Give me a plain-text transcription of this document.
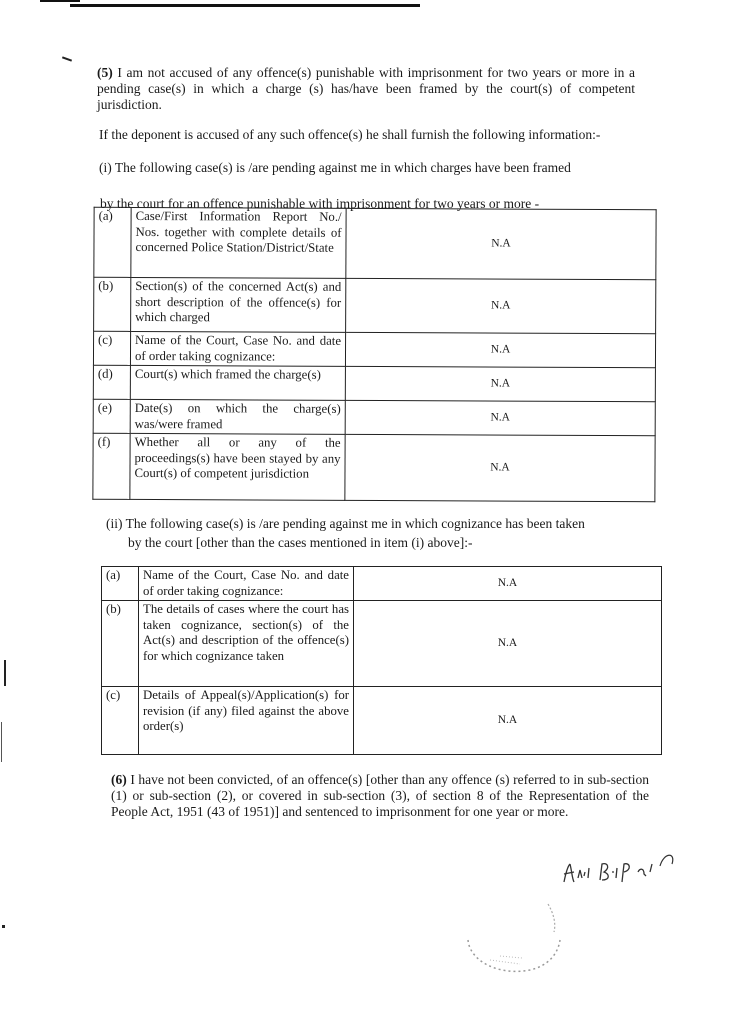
(5) I am not accused of any offence(s) punishable with imprisonment for two years or more in a pending case(s) in which a charge (s) has/have been framed by the court(s) of competent jurisdiction.
If the deponent is accused of any such offence(s) he shall furnish the following information:-
(i) The following case(s) is /are pending against me in which charges have been framed
by the court for an offence punishable with imprisonment for two years or more -
(a)	Case/First Information Report No./ Nos. together with complete details of concerned Police Station/District/State	N.A
(b)	Section(s) of the concerned Act(s) and short description of the offence(s) for which charged	N.A
(c)	Name of the Court, Case No. and date of order taking cognizance:	N.A
(d)	Court(s) which framed the charge(s)	N.A
(e)	Date(s) on which the charge(s) was/were framed	N.A
(f)	Whether all or any of the proceedings(s) have been stayed by any Court(s) of competent jurisdiction	N.A
(ii) The following case(s) is /are pending against me in which cognizance has been taken
by the court [other than the cases mentioned in item (i) above]:-
(a)	Name of the Court, Case No. and date of order taking cognizance:	N.A
(b)	The details of cases where the court has taken cognizance, section(s) of the Act(s) and description of the offence(s) for which cognizance taken	N.A
(c)	Details of Appeal(s)/Application(s) for revision (if any) filed against the above order(s)	N.A
(6) I have not been convicted, of an offence(s) [other than any offence (s) referred to in sub-section (1) or sub-section (2), or covered in sub-section (3), of section 8 of the Representation of the People Act, 1951 (43 of 1951)] and sentenced to imprisonment for one year or more.
